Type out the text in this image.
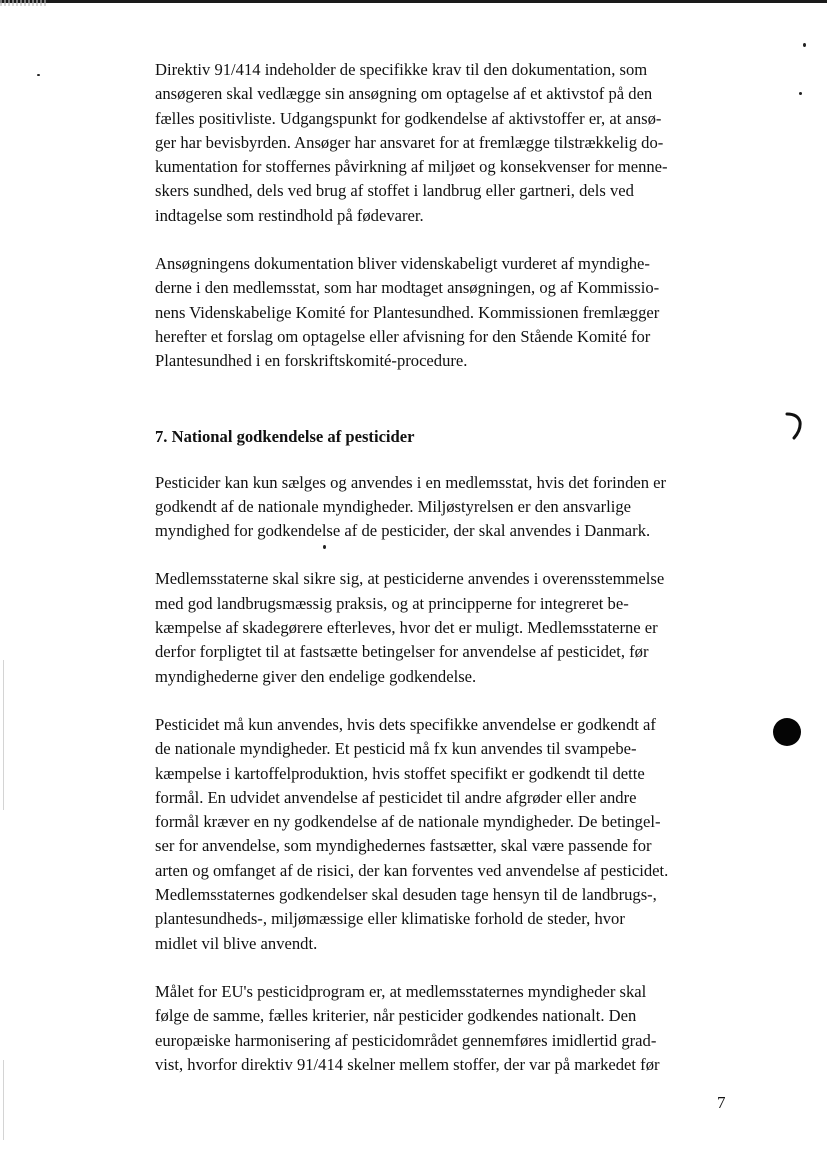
Direktiv 91/414 indeholder de specifikke krav til den dokumentation, som
ansøgeren skal vedlægge sin ansøgning om optagelse af et aktivstof på den
fælles positivliste. Udgangspunkt for godkendelse af aktivstoffer er, at ansø-
ger har bevisbyrden. Ansøger har ansvaret for at fremlægge tilstrækkelig do-
kumentation for stoffernes påvirkning af miljøet og konsekvenser for menne-
skers sundhed, dels ved brug af stoffet i landbrug eller gartneri, dels ved
indtagelse som restindhold på fødevarer.

Ansøgningens dokumentation bliver videnskabeligt vurderet af myndighe-
derne i den medlemsstat, som har modtaget ansøgningen, og af Kommissio-
nens Videnskabelige Komité for Plantesundhed. Kommissionen fremlægger
herefter et forslag om optagelse eller afvisning for den Stående Komité for
Plantesundhed i en forskriftskomité-procedure.

7. National godkendelse af pesticider

Pesticider kan kun sælges og anvendes i en medlemsstat, hvis det forinden er
godkendt af de nationale myndigheder. Miljøstyrelsen er den ansvarlige
myndighed for godkendelse af de pesticider, der skal anvendes i Danmark.

Medlemsstaterne skal sikre sig, at pesticiderne anvendes i overensstemmelse
med god landbrugsmæssig praksis, og at principperne for integreret be-
kæmpelse af skadegørere efterleves, hvor det er muligt. Medlemsstaterne er
derfor forpligtet til at fastsætte betingelser for anvendelse af pesticidet, før
myndighederne giver den endelige godkendelse.

Pesticidet må kun anvendes, hvis dets specifikke anvendelse er godkendt af
de nationale myndigheder. Et pesticid må fx kun anvendes til svampebe-
kæmpelse i kartoffelproduktion, hvis stoffet specifikt er godkendt til dette
formål. En udvidet anvendelse af pesticidet til andre afgrøder eller andre
formål kræver en ny godkendelse af de nationale myndigheder. De betingel-
ser for anvendelse, som myndighedernes fastsætter, skal være passende for
arten og omfanget af de risici, der kan forventes ved anvendelse af pesticidet.
Medlemsstaternes godkendelser skal desuden tage hensyn til de landbrugs-,
plantesundheds-, miljømæssige eller klimatiske forhold de steder, hvor
midlet vil blive anvendt.

Målet for EU's pesticidprogram er, at medlemsstaternes myndigheder skal
følge de samme, fælles kriterier, når pesticider godkendes nationalt. Den
europæiske harmonisering af pesticidområdet gennemføres imidlertid grad-
vist, hvorfor direktiv 91/414 skelner mellem stoffer, der var på markedet før

7
